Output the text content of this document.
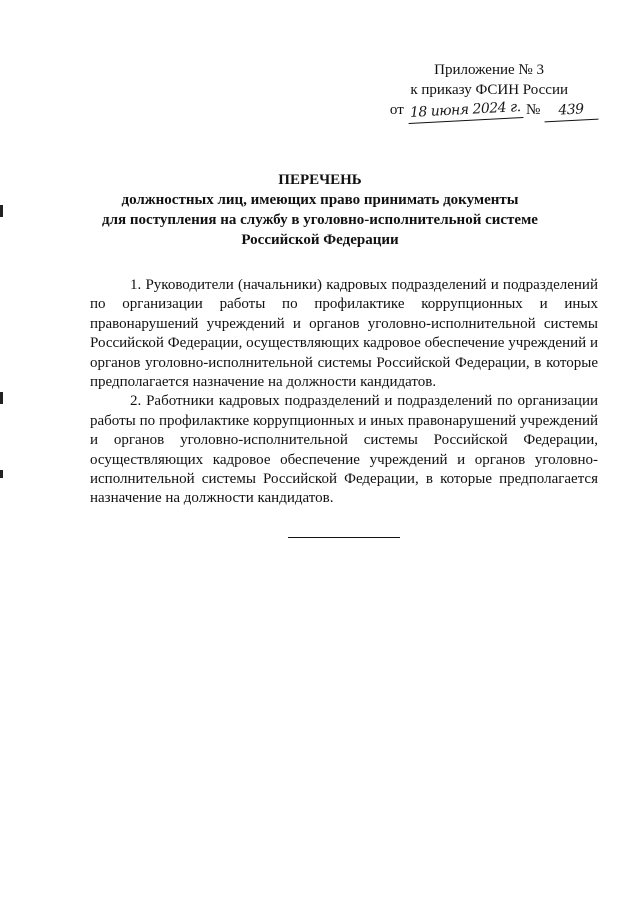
Приложение № 3
к приказу ФСИН России
от 18 июня 2024 г. № 439
ПЕРЕЧЕНЬ
должностных лиц, имеющих право принимать документы
для поступления на службу в уголовно-исполнительной системе
Российской Федерации

1. Руководители (начальники) кадровых подразделений и подразделений по организации работы по профилактике коррупционных и иных правонарушений учреждений и органов уголовно-исполнительной системы Российской Федерации, осуществляющих кадровое обеспечение учреждений и органов уголовно-исполнительной системы Российской Федерации, в которые предполагается назначение на должности кандидатов.

2. Работники кадровых подразделений и подразделений по организации работы по профилактике коррупционных и иных правонарушений учреждений и органов уголовно-исполнительной системы Российской Федерации, осуществляющих кадровое обеспечение учреждений и органов уголовно-исполнительной системы Российской Федерации, в которые предполагается назначение на должности кандидатов.
